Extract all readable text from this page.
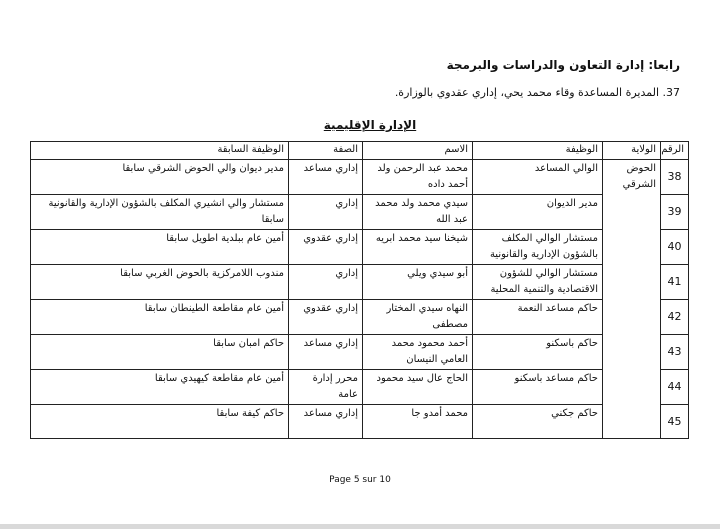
رابعا: إدارة التعاون والدراسات والبرمجة
37. المديرة المساعدة وقاء محمد يحي، إداري عقدوي بالوزارة.
الإدارة الإقليمية
الرقم	الولاية	الوظيفة	الاسم	الصفة	الوظيفة السابقة
38	الحوض الشرقي	الوالي المساعد	محمد عبد الرحمن ولد أحمد داده	إداري مساعد	مدير ديوان والي الحوض الشرقي سابقا
39		مدير الديوان	سيدي محمد ولد محمد عبد الله	إداري	مستشار والي انشيري المكلف بالشؤون الإدارية والقانونية سابقا
40		مستشار الوالي المكلف بالشؤون الإدارية والقانونية	شيخنا سيد محمد ابريه	إداري عقدوي	أمين عام ببلدية اطويل سابقا
41		مستشار الوالي للشؤون الاقتصادية والتنمية المحلية	أبو سيدي ويلي	إداري	مندوب اللامركزية بالحوض الغربي سابقا
42		حاكم مساعد النعمة	النهاه سيدي المختار مصطفى	إداري عقدوي	أمين عام مقاطعة الطينطان سابقا
43		حاكم باسكنو	أحمد محمود محمد العامي النيسان	إداري مساعد	حاكم امبان سابقا
44		حاكم مساعد باسكنو	الحاج عال سيد محمود	محرر إدارة عامة	أمين عام مقاطعة كيهيدي سابقا
45		حاكم جكني	محمد أمدو جا	إداري مساعد	حاكم كيفة سابقا
Page 5 sur 10
